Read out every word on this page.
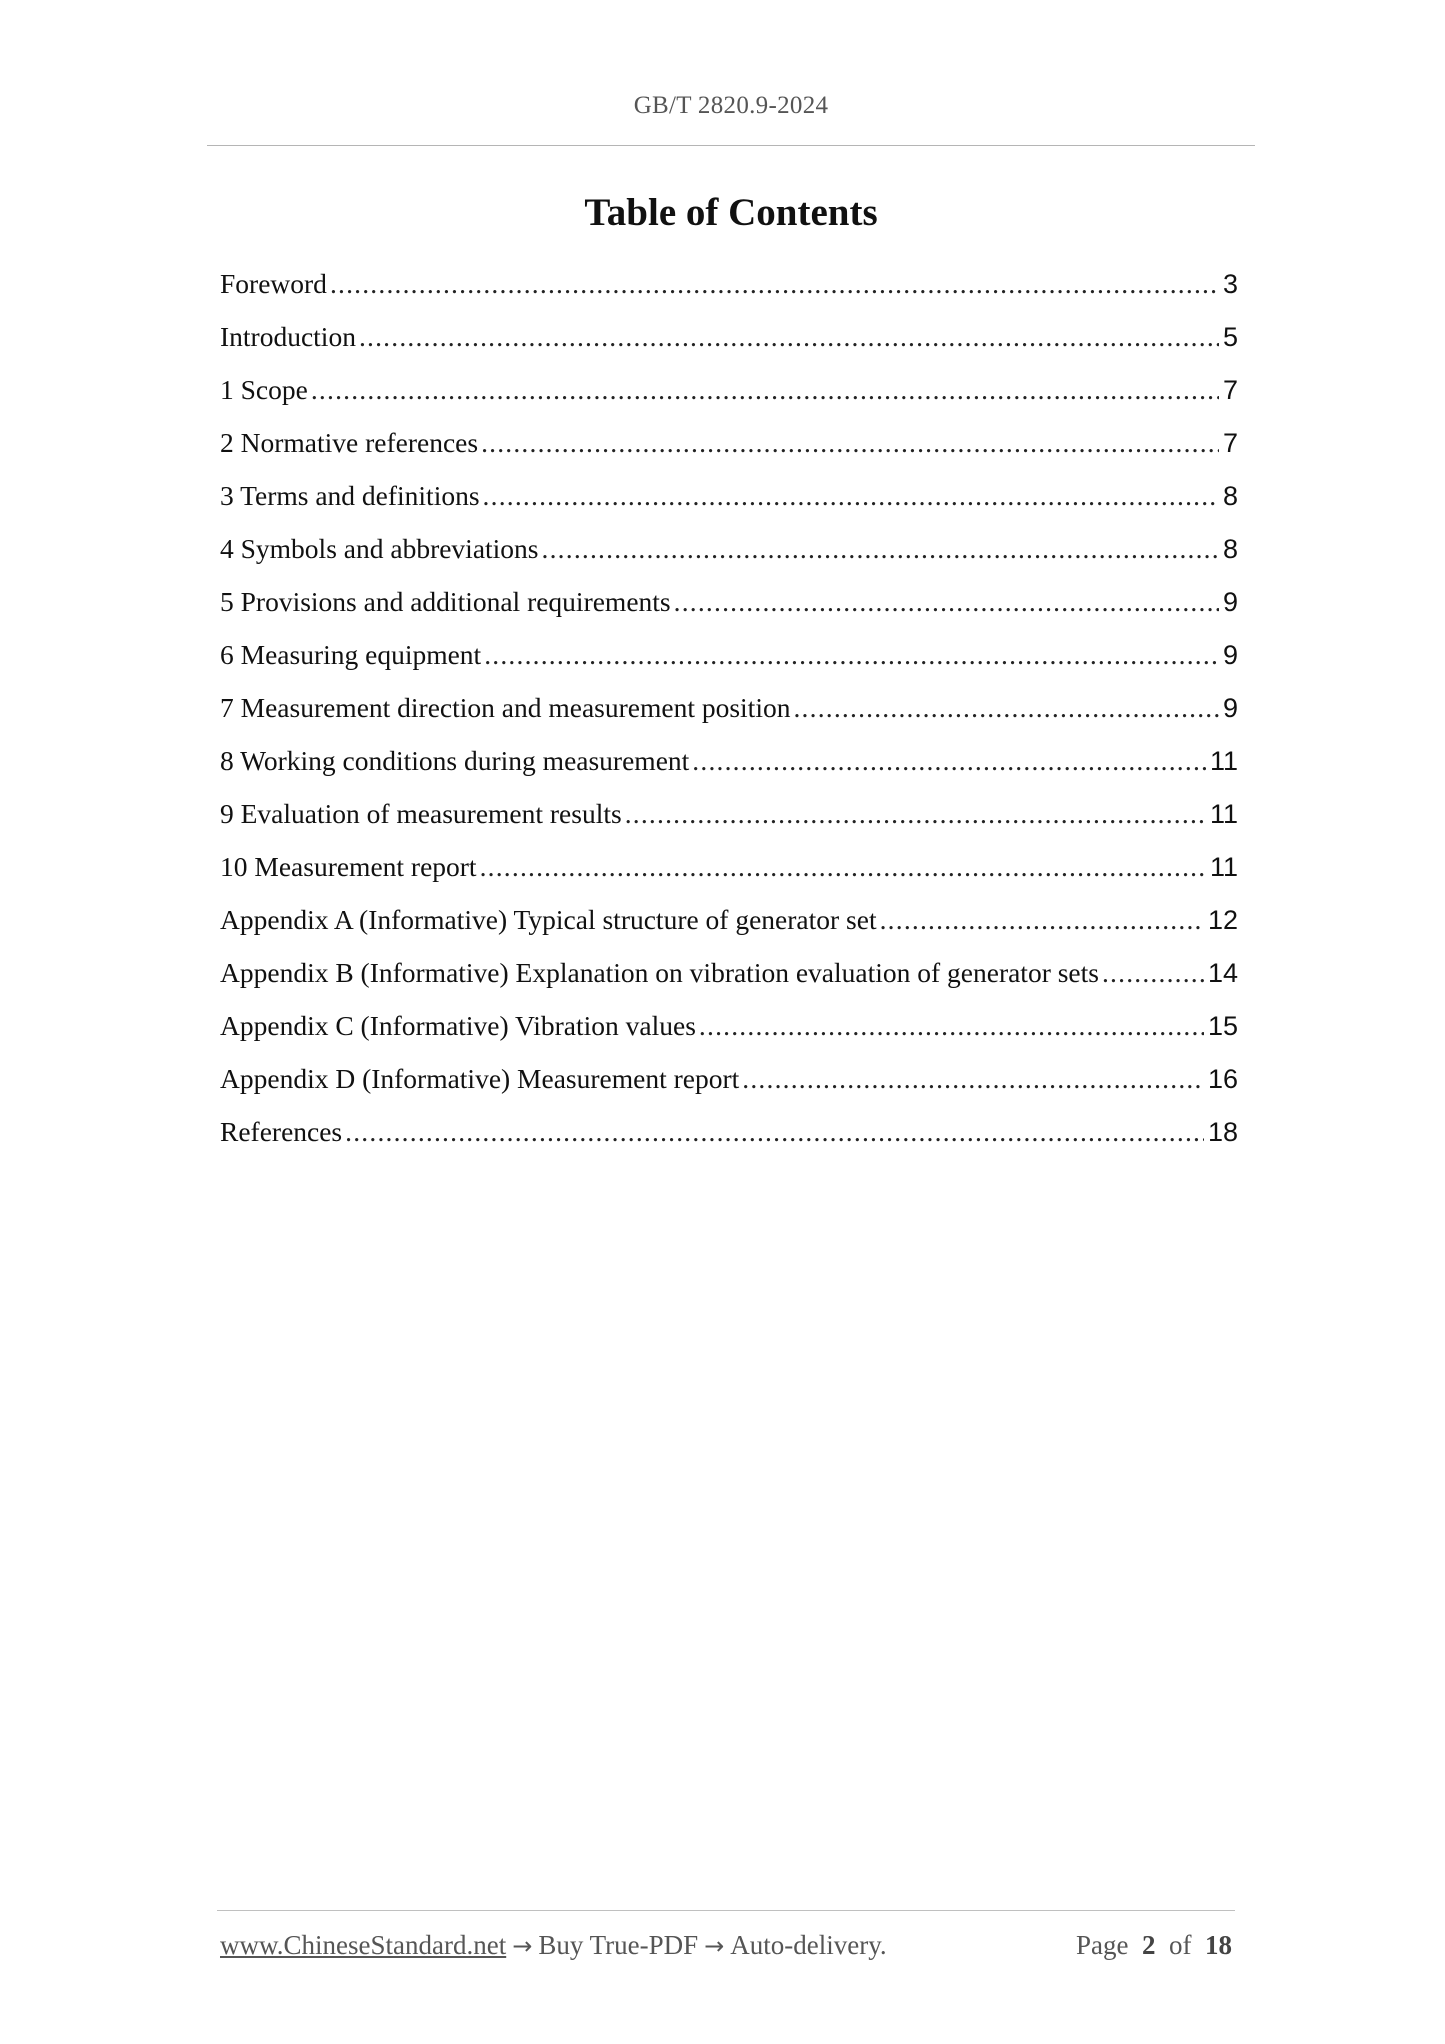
GB/T 2820.9-2024
Table of Contents
Foreword .....	3
Introduction .....	5
1 Scope .....	7
2 Normative references .....	7
3 Terms and definitions .....	8
4 Symbols and abbreviations .....	8
5 Provisions and additional requirements .....	9
6 Measuring equipment .....	9
7 Measurement direction and measurement position .....	9
8 Working conditions during measurement .....	11
9 Evaluation of measurement results .....	11
10 Measurement report .....	11
Appendix A (Informative) Typical structure of generator set .....	12
Appendix B (Informative) Explanation on vibration evaluation of generator sets .....	14
Appendix C (Informative) Vibration values .....	15
Appendix D (Informative) Measurement report .....	16
References .....	18
www.ChineseStandard.net → Buy True-PDF → Auto-delivery.	Page 2 of 18
